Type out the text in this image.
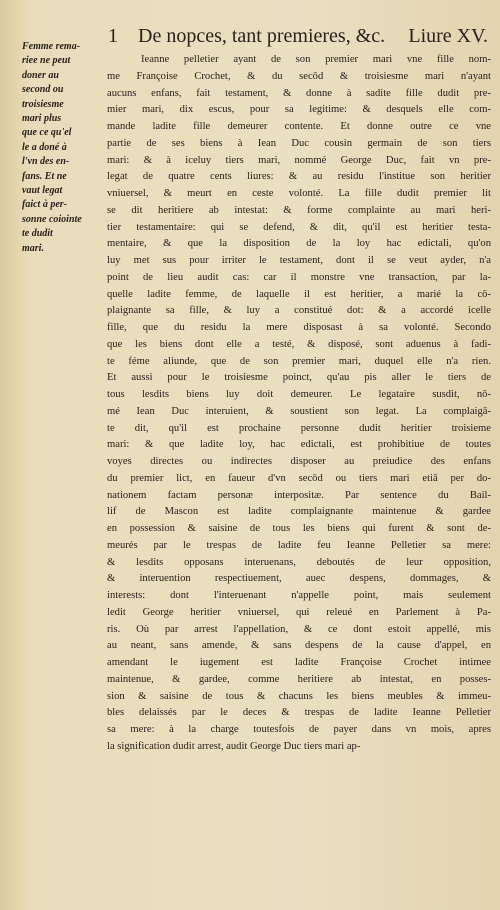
1 De nopces, tant premieres, &c. Liure XV.
Femme rema-
riee ne peut
doner au
second ou
troisiesme
mari plus
que ce qu'el
le a doné à
l'vn des en-
fans. Et ne
vaut legat
faict à per-
sonne coiointe
te dudit
mari.
Ieanne pelletier ayant de son premier mari vne fille nom-
me Françoise Crochet, & du secōd & troisiesme mari n'ayant
aucuns enfans, fait testament, & donne à sadite fille dudit pre-
mier mari, dix escus, pour sa legitime: & desquels elle com-
mande ladite fille demeurer contente. Et donne outre ce vne
partie de ses biens à Iean Duc cousin germain de son tiers
mari: & à iceluy tiers mari, nommé George Duc, fait vn pre-
legat de quatre cents liures: & au residu l'institue son heritier
vniuersel, & meurt en ceste volonté. La fille dudit premier lit
se dit heritiere ab intestat: & forme complainte au mari heri-
tier testamentaire: qui se defend, & dit, qu'il est heritier testa-
mentaire, & que la disposition de la loy hac edictali, qu'on
luy met sus pour irriter le testament, dont il se veut ayder, n'a
point de lieu audit cas: car il monstre vne transaction, par la-
quelle ladite femme, de laquelle il est heritier, a marié la cō-
plaignante sa fille, & luy a constitué dot: & a accordé icelle
fille, que du residu la mere disposast à sa volonté. Secondo
que les biens dont elle a testé, & disposé, sont aduenus à fadi-
te féme aliunde, que de son premier mari, duquel elle n'a rien.
Et aussi pour le troisiesme poinct, qu'au pis aller le tiers de
tous lesdits biens luy doit demeurer. Le legataire susdit, nō-
mé Iean Duc interuient, & soustient son legat. La complaigā-
te dit, qu'il est prochaine personne dudit heritier troisieme
mari: & que ladite loy, hac edictali, est prohibitiue de toutes
voyes directes ou indirectes disposer au preiudice des enfans
du premier lict, en faueur d'vn secōd ou tiers mari etiā per do-
nationem factam personæ interpositæ. Par sentence du Bail-
lif de Mascon est ladite complaignante maintenue & gardee
en possession & saisine de tous les biens qui furent & sont de-
meurés par le trespas de ladite feu Ieanne Pelletier sa mere:
& lesdits opposans interuenans, deboutés de leur opposition,
& interuention respectiuement, auec despens, dommages, &
interests: dont l'interuenant n'appelle point, mais seulement
ledit George heritier vniuersel, qui releué en Parlement à Pa-
ris. Où par arrest l'appellation, & ce dont estoit appellé, mis
au neant, sans amende, & sans despens de la cause d'appel, en
amendant le iugement est ladite Françoise Crochet intimee
maintenue, & gardee, comme heritiere ab intestat, en posses-
sion & saisine de tous & chacuns les biens meubles & immeu-
bles delaissés par le deces & trespas de ladite Ieanne Pelletier
sa mere: à la charge toutesfois de payer dans vn mois, apres
la signification dudit arrest, audit George Duc tiers mari ap-
